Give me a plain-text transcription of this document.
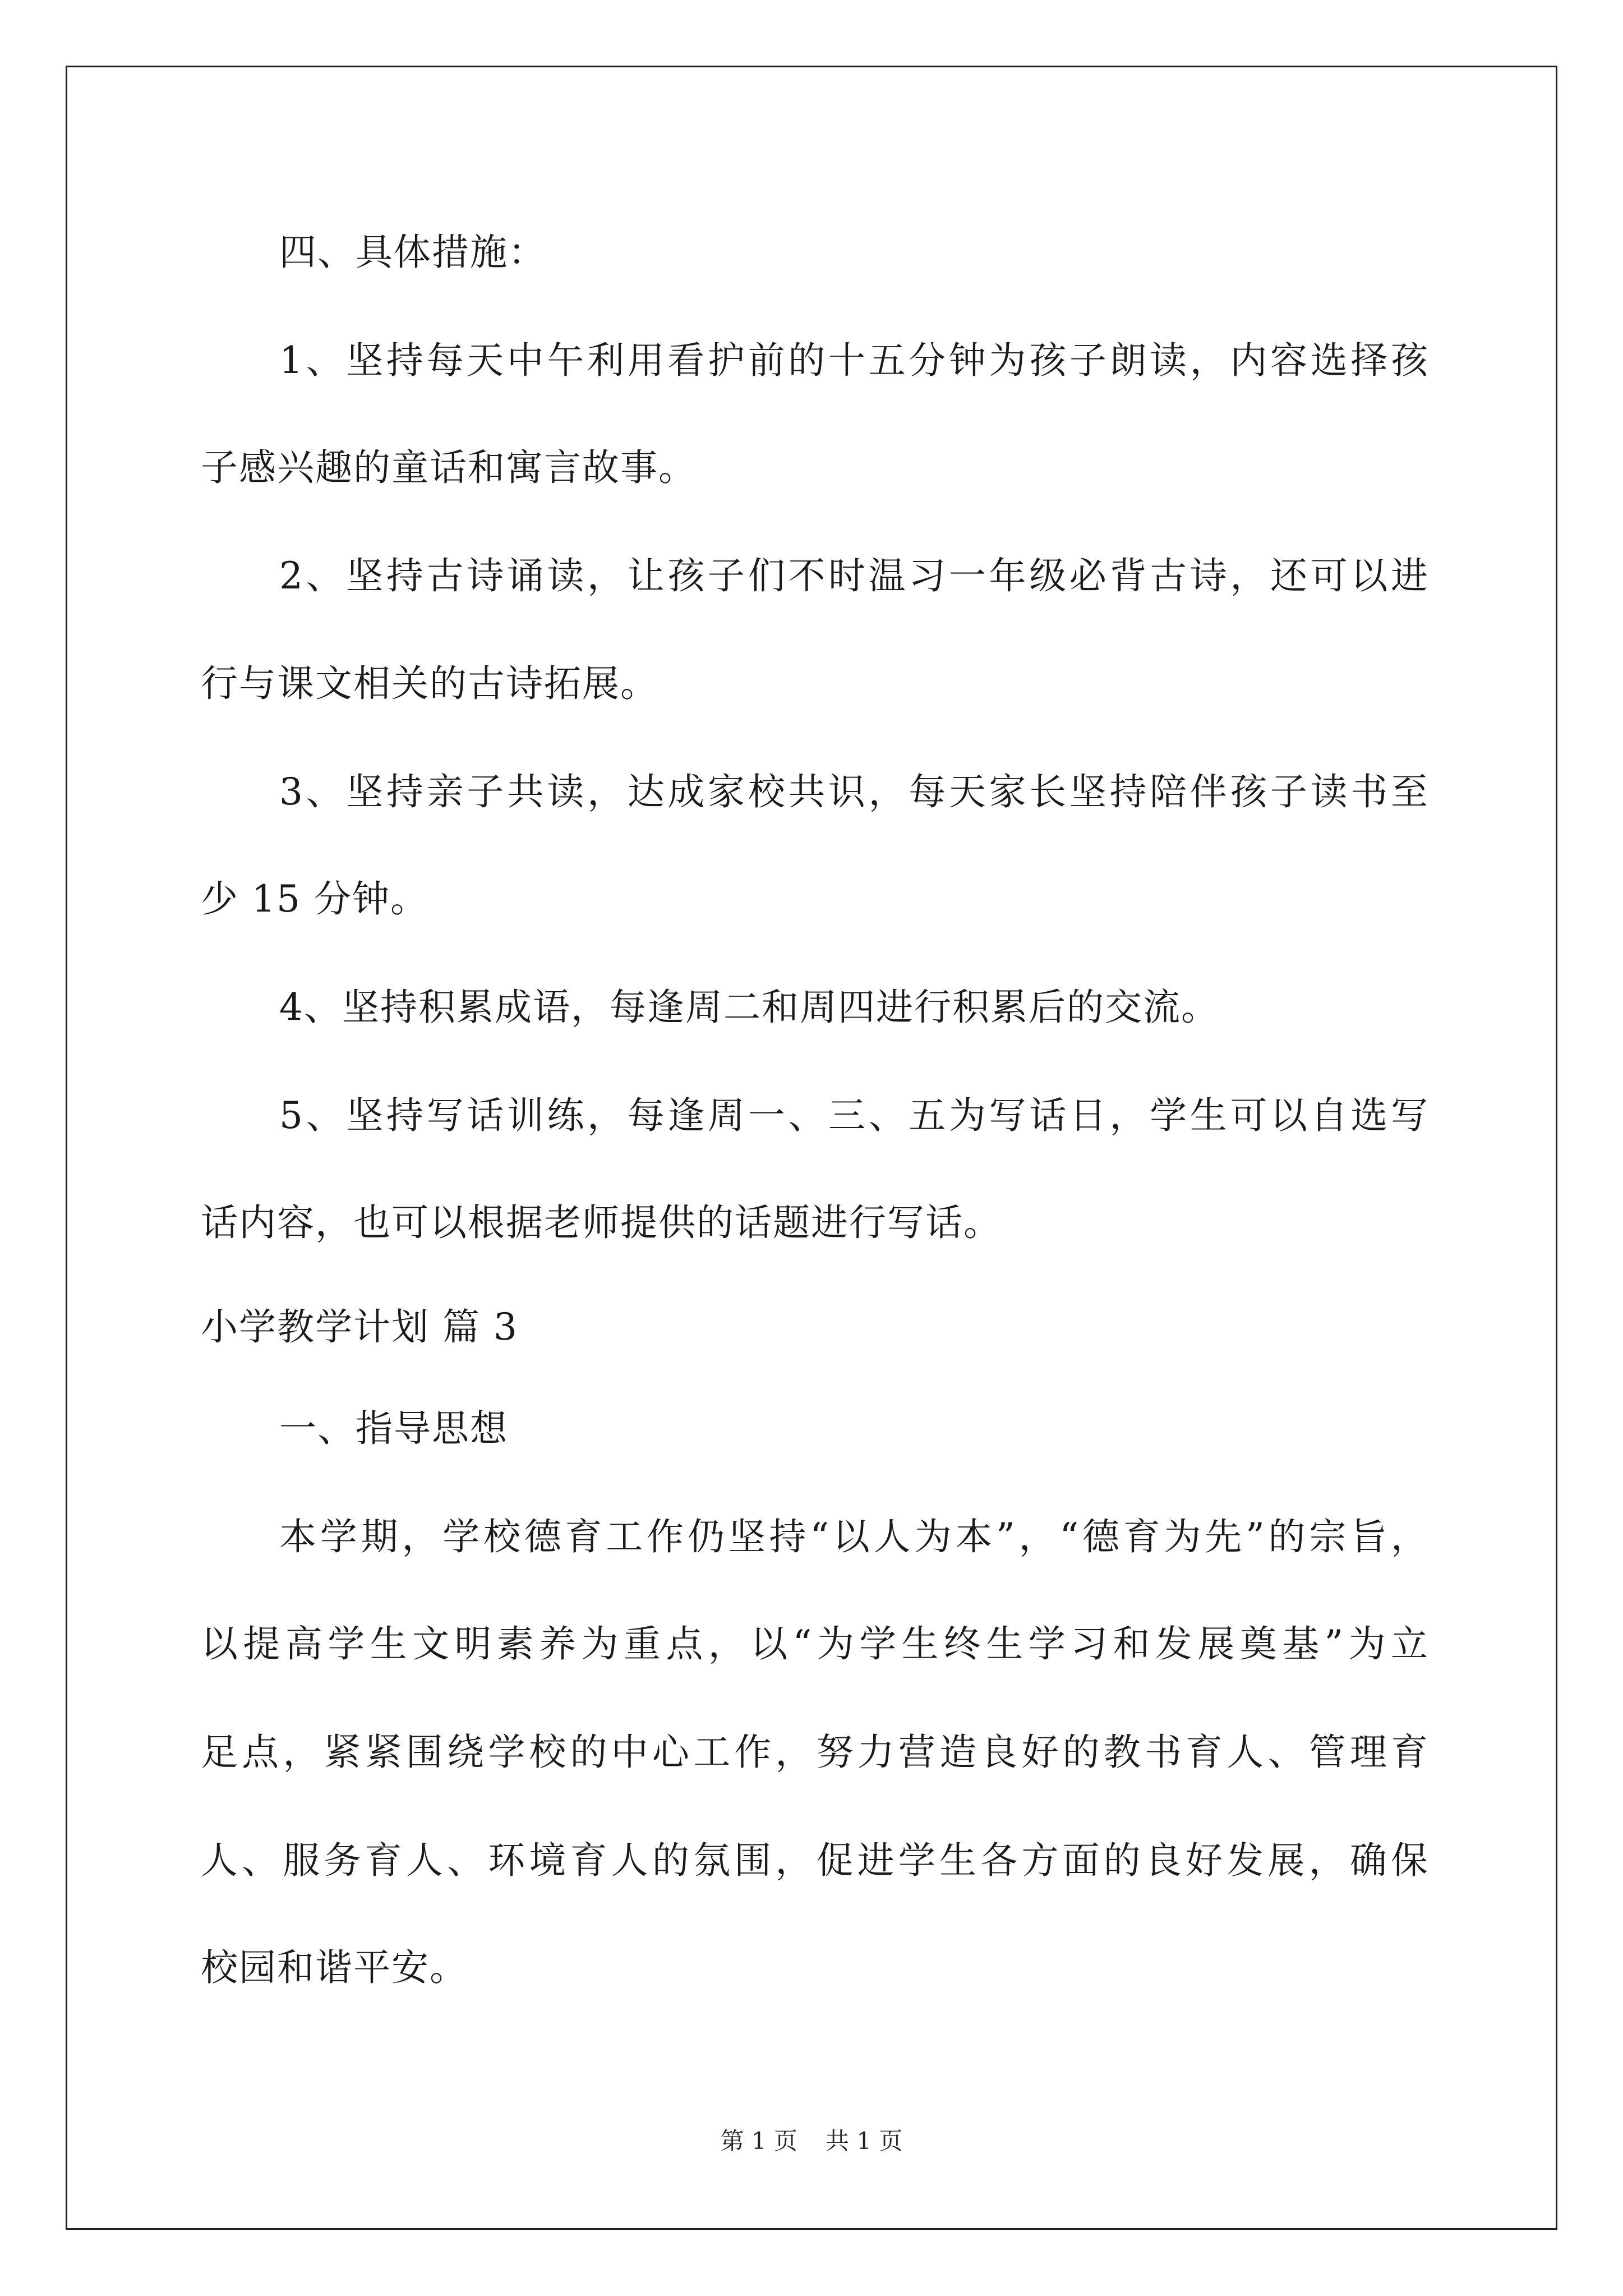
四、具体措施：
1、坚持每天中午利用看护前的十五分钟为孩子朗读，内容选择孩
子感兴趣的童话和寓言故事。
2、坚持古诗诵读，让孩子们不时温习一年级必背古诗，还可以进
行与课文相关的古诗拓展。
3、坚持亲子共读，达成家校共识，每天家长坚持陪伴孩子读书至
少 15 分钟。
4、坚持积累成语，每逢周二和周四进行积累后的交流。
5、坚持写话训练，每逢周一、三、五为写话日，学生可以自选写
话内容，也可以根据老师提供的话题进行写话。
小学教学计划 篇 3
一、指导思想
本学期，学校德育工作仍坚持“以人为本”，“德育为先”的宗旨，
以提高学生文明素养为重点，以“为学生终生学习和发展奠基”为立
足点，紧紧围绕学校的中心工作，努力营造良好的教书育人、管理育
人、服务育人、环境育人的氛围，促进学生各方面的良好发展，确保
校园和谐平安。
第 1 页 共 1 页
